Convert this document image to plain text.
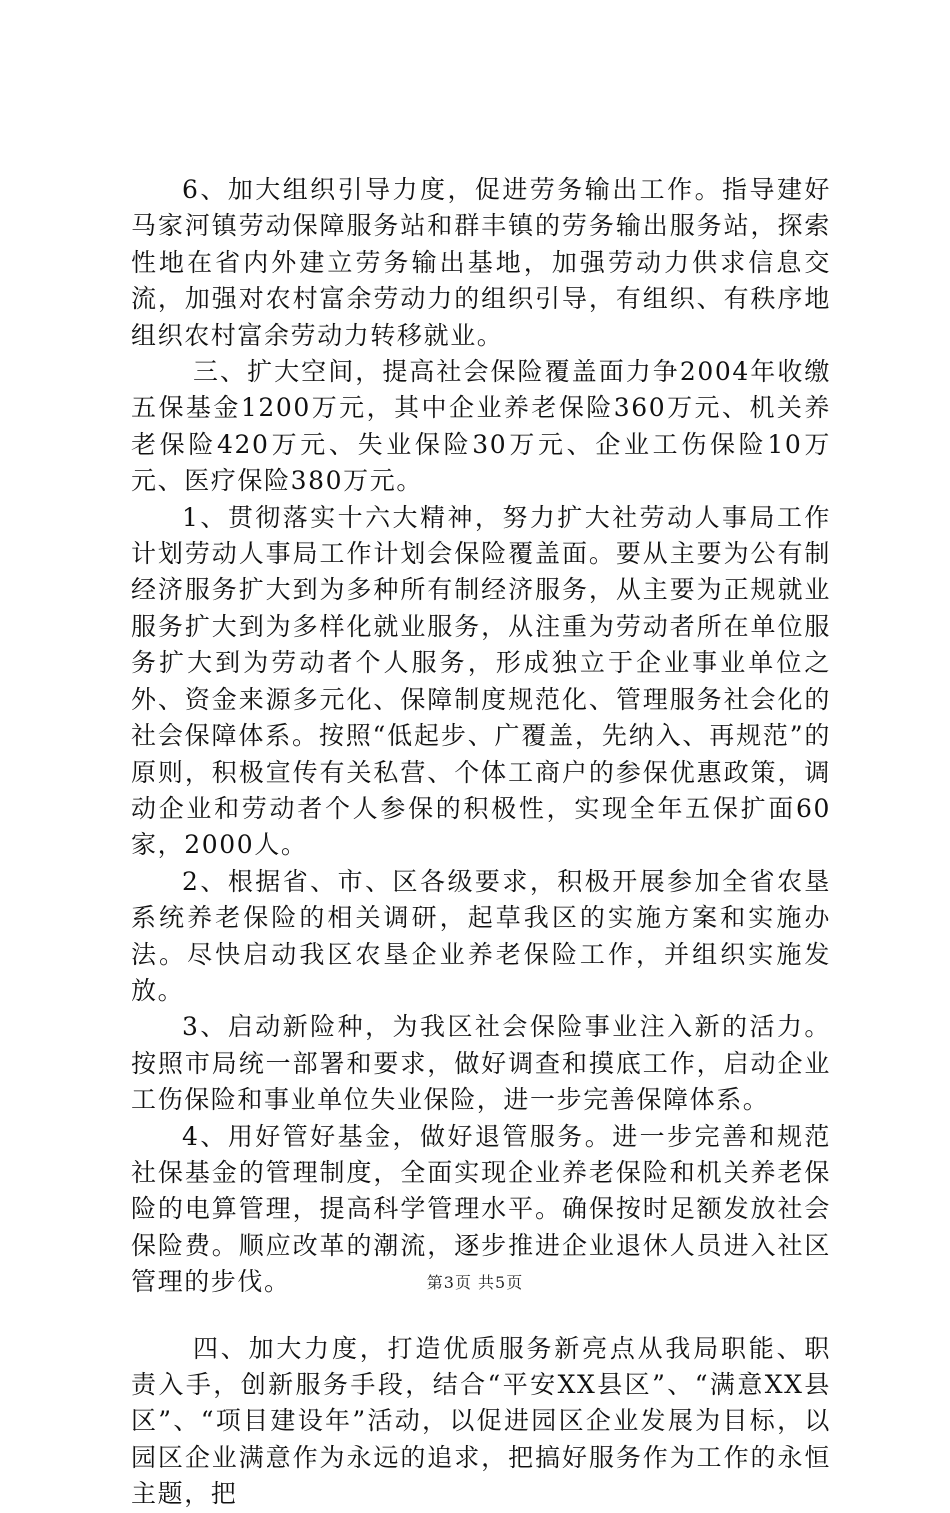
6、加大组织引导力度，促进劳务输出工作。指导建好马家河镇劳动保障服务站和群丰镇的劳务输出服务站，探索性地在省内外建立劳务输出基地，加强劳动力供求信息交流，加强对农村富余劳动力的组织引导，有组织、有秩序地组织农村富余劳动力转移就业。

三、扩大空间，提高社会保险覆盖面力争2004年收缴五保基金1200万元，其中企业养老保险360万元、机关养老保险420万元、失业保险30万元、企业工伤保险10万元、医疗保险380万元。

1、贯彻落实十六大精神，努力扩大社劳动人事局工作计划劳动人事局工作计划会保险覆盖面。要从主要为公有制经济服务扩大到为多种所有制经济服务，从主要为正规就业服务扩大到为多样化就业服务，从注重为劳动者所在单位服务扩大到为劳动者个人服务，形成独立于企业事业单位之外、资金来源多元化、保障制度规范化、管理服务社会化的社会保障体系。按照“低起步、广覆盖，先纳入、再规范”的原则，积极宣传有关私营、个体工商户的参保优惠政策，调动企业和劳动者个人参保的积极性，实现全年五保扩面60家，2000人。

2、根据省、市、区各级要求，积极开展参加全省农垦系统养老保险的相关调研，起草我区的实施方案和实施办法。尽快启动我区农垦企业养老保险工作，并组织实施发放。

3、启动新险种，为我区社会保险事业注入新的活力。按照市局统一部署和要求，做好调查和摸底工作，启动企业工伤保险和事业单位失业保险，进一步完善保障体系。

4、用好管好基金，做好退管服务。进一步完善和规范社保基金的管理制度，全面实现企业养老保险和机关养老保险的电算管理，提高科学管理水平。确保按时足额发放社会保险费。顺应改革的潮流，逐步推进企业退休人员进入社区管理的步伐。

四、加大力度，打造优质服务新亮点从我局职能、职责入手，创新服务手段，结合“平安XX县区”、“满意XX县区”、“项目建设年”活动，以促进园区企业发展为目标，以园区企业满意作为永远的追求，把搞好服务作为工作的永恒主题，把

第3页 共5页
